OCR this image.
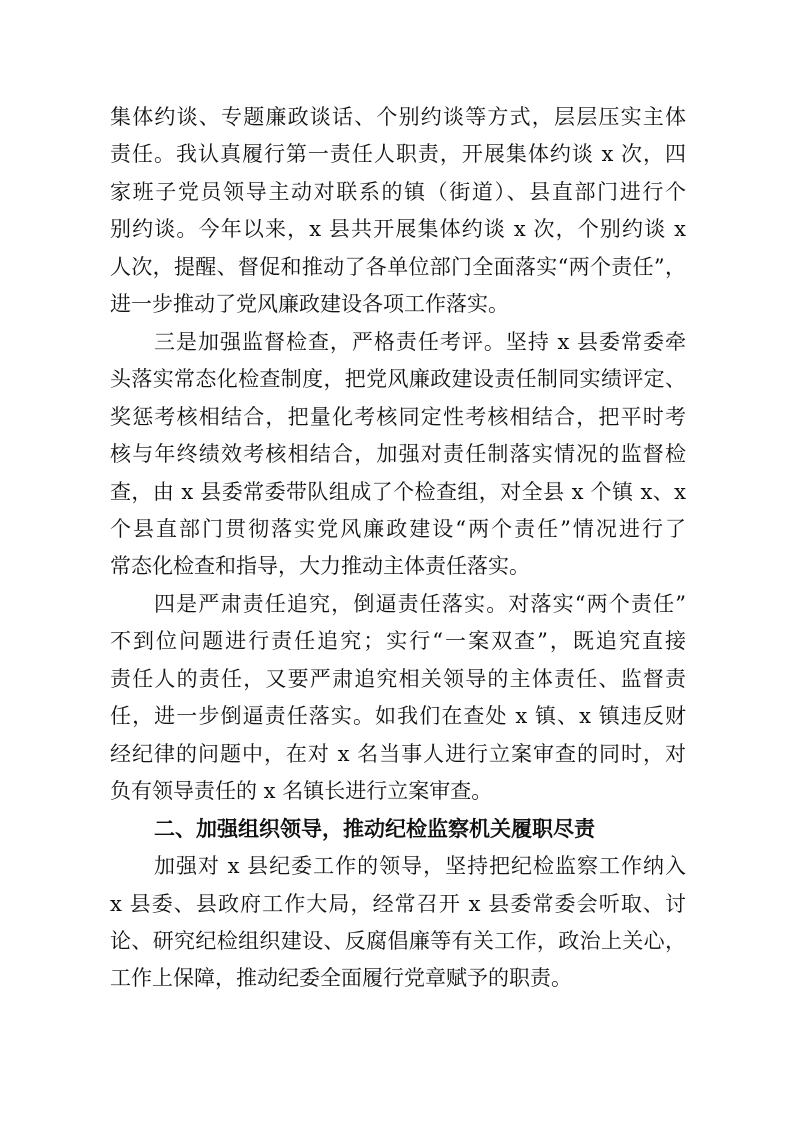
集体约谈、专题廉政谈话、个别约谈等方式，层层压实主体
责任。我认真履行第一责任人职责，开展集体约谈 x 次，四
家班子党员领导主动对联系的镇（街道）、县直部门进行个
别约谈。今年以来，x 县共开展集体约谈 x 次，个别约谈 x
人次，提醒、督促和推动了各单位部门全面落实“两个责任”，
进一步推动了党风廉政建设各项工作落实。
三是加强监督检查，严格责任考评。坚持 x 县委常委牵
头落实常态化检查制度，把党风廉政建设责任制同实绩评定、
奖惩考核相结合，把量化考核同定性考核相结合，把平时考
核与年终绩效考核相结合，加强对责任制落实情况的监督检
查，由 x 县委常委带队组成了个检查组，对全县 x 个镇 x、x
个县直部门贯彻落实党风廉政建设“两个责任”情况进行了
常态化检查和指导，大力推动主体责任落实。
四是严肃责任追究，倒逼责任落实。对落实“两个责任”
不到位问题进行责任追究；实行“一案双查”，既追究直接
责任人的责任，又要严肃追究相关领导的主体责任、监督责
任，进一步倒逼责任落实。如我们在查处 x 镇、x 镇违反财
经纪律的问题中，在对 x 名当事人进行立案审查的同时，对
负有领导责任的 x 名镇长进行立案审查。
二、加强组织领导，推动纪检监察机关履职尽责
加强对 x 县纪委工作的领导，坚持把纪检监察工作纳入
x 县委、县政府工作大局，经常召开 x 县委常委会听取、讨
论、研究纪检组织建设、反腐倡廉等有关工作，政治上关心，
工作上保障，推动纪委全面履行党章赋予的职责。
